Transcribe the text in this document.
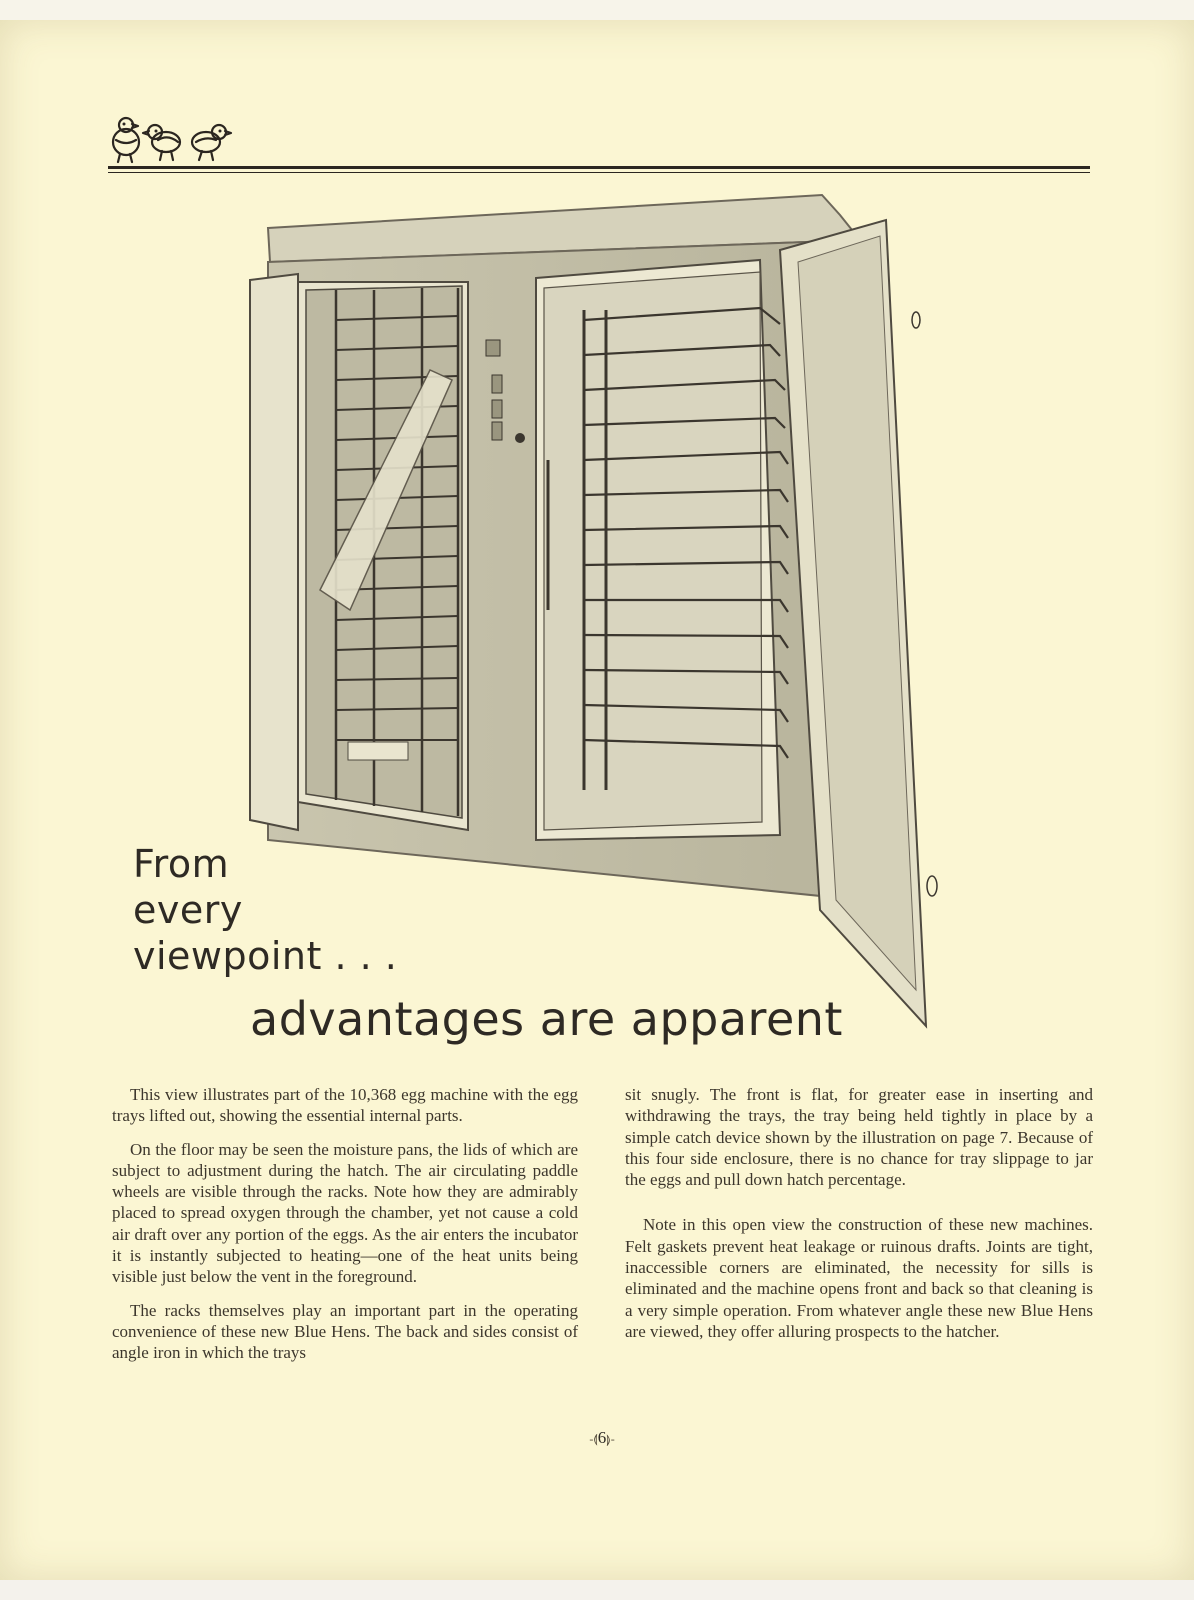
From
every
viewpoint . . .
advantages are apparent

This view illustrates part of the 10,368 egg machine with the egg trays lifted out, showing the essential internal parts.

On the floor may be seen the moisture pans, the lids of which are subject to adjustment during the hatch. The air circulating paddle wheels are visible through the racks. Note how they are admirably placed to spread oxygen through the chamber, yet not cause a cold air draft over any portion of the eggs. As the air enters the incubator it is instantly subjected to heating—one of the heat units being visible just below the vent in the foreground.

The racks themselves play an important part in the operating convenience of these new Blue Hens. The back and sides consist of angle iron in which the trays

sit snugly. The front is flat, for greater ease in inserting and withdrawing the trays, the tray being held tightly in place by a simple catch device shown by the illustration on page 7. Because of this four side enclosure, there is no chance for tray slippage to jar the eggs and pull down hatch percentage.

Note in this open view the construction of these new machines. Felt gaskets prevent heat leakage or ruinous drafts. Joints are tight, inaccessible corners are eliminated, the necessity for sills is eliminated and the machine opens front and back so that cleaning is a very simple operation. From whatever angle these new Blue Hens are viewed, they offer alluring prospects to the hatcher.

-⟬6⟭-
